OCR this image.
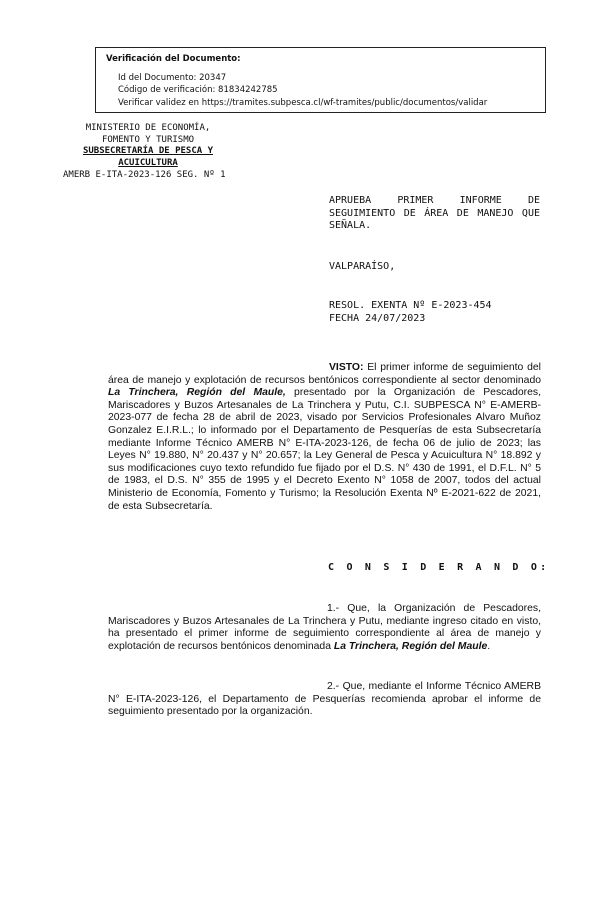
Verificación del Documento:
▸ Id del Documento: 20347
▸ Código de verificación: 81834242785
▸ Verificar validez en https://tramites.subpesca.cl/wf-tramites/public/documentos/validar
MINISTERIO DE ECONOMÍA,
FOMENTO Y TURISMO
SUBSECRETARÍA DE PESCA Y
ACUICULTURA
AMERB E-ITA-2023-126 SEG. Nº 1
APRUEBA PRIMER INFORME DE SEGUIMIENTO DE ÁREA DE MANEJO QUE SEÑALA.
VALPARAÍSO,
RESOL. EXENTA Nº E-2023-454
FECHA 24/07/2023
VISTO: El primer informe de seguimiento del área de manejo y explotación de recursos bentónicos correspondiente al sector denominado La Trinchera, Región del Maule, presentado por la Organización de Pescadores, Mariscadores y Buzos Artesanales de La Trinchera y Putu, C.I. SUBPESCA N° E-AMERB-2023-077 de fecha 28 de abril de 2023, visado por Servicios Profesionales Alvaro Muñoz Gonzalez E.I.R.L.; lo informado por el Departamento de Pesquerías de esta Subsecretaría mediante Informe Técnico AMERB N° E-ITA-2023-126, de fecha 06 de julio de 2023; las Leyes N° 19.880, N° 20.437 y N° 20.657; la Ley General de Pesca y Acuicultura N° 18.892 y sus modificaciones cuyo texto refundido fue fijado por el D.S. N° 430 de 1991, el D.F.L. N° 5 de 1983, el D.S. N° 355 de 1995 y el Decreto Exento N° 1058 de 2007, todos del actual Ministerio de Economía, Fomento y Turismo; la Resolución Exenta Nº E-2021-622 de 2021, de esta Subsecretaría.
C O N S I D E R A N D O:
1.- Que, la Organización de Pescadores, Mariscadores y Buzos Artesanales de La Trinchera y Putu, mediante ingreso citado en visto, ha presentado el primer informe de seguimiento correspondiente al área de manejo y explotación de recursos bentónicos denominada La Trinchera, Región del Maule.
2.- Que, mediante el Informe Técnico AMERB N° E-ITA-2023-126, el Departamento de Pesquerías recomienda aprobar el informe de seguimiento presentado por la organización.
